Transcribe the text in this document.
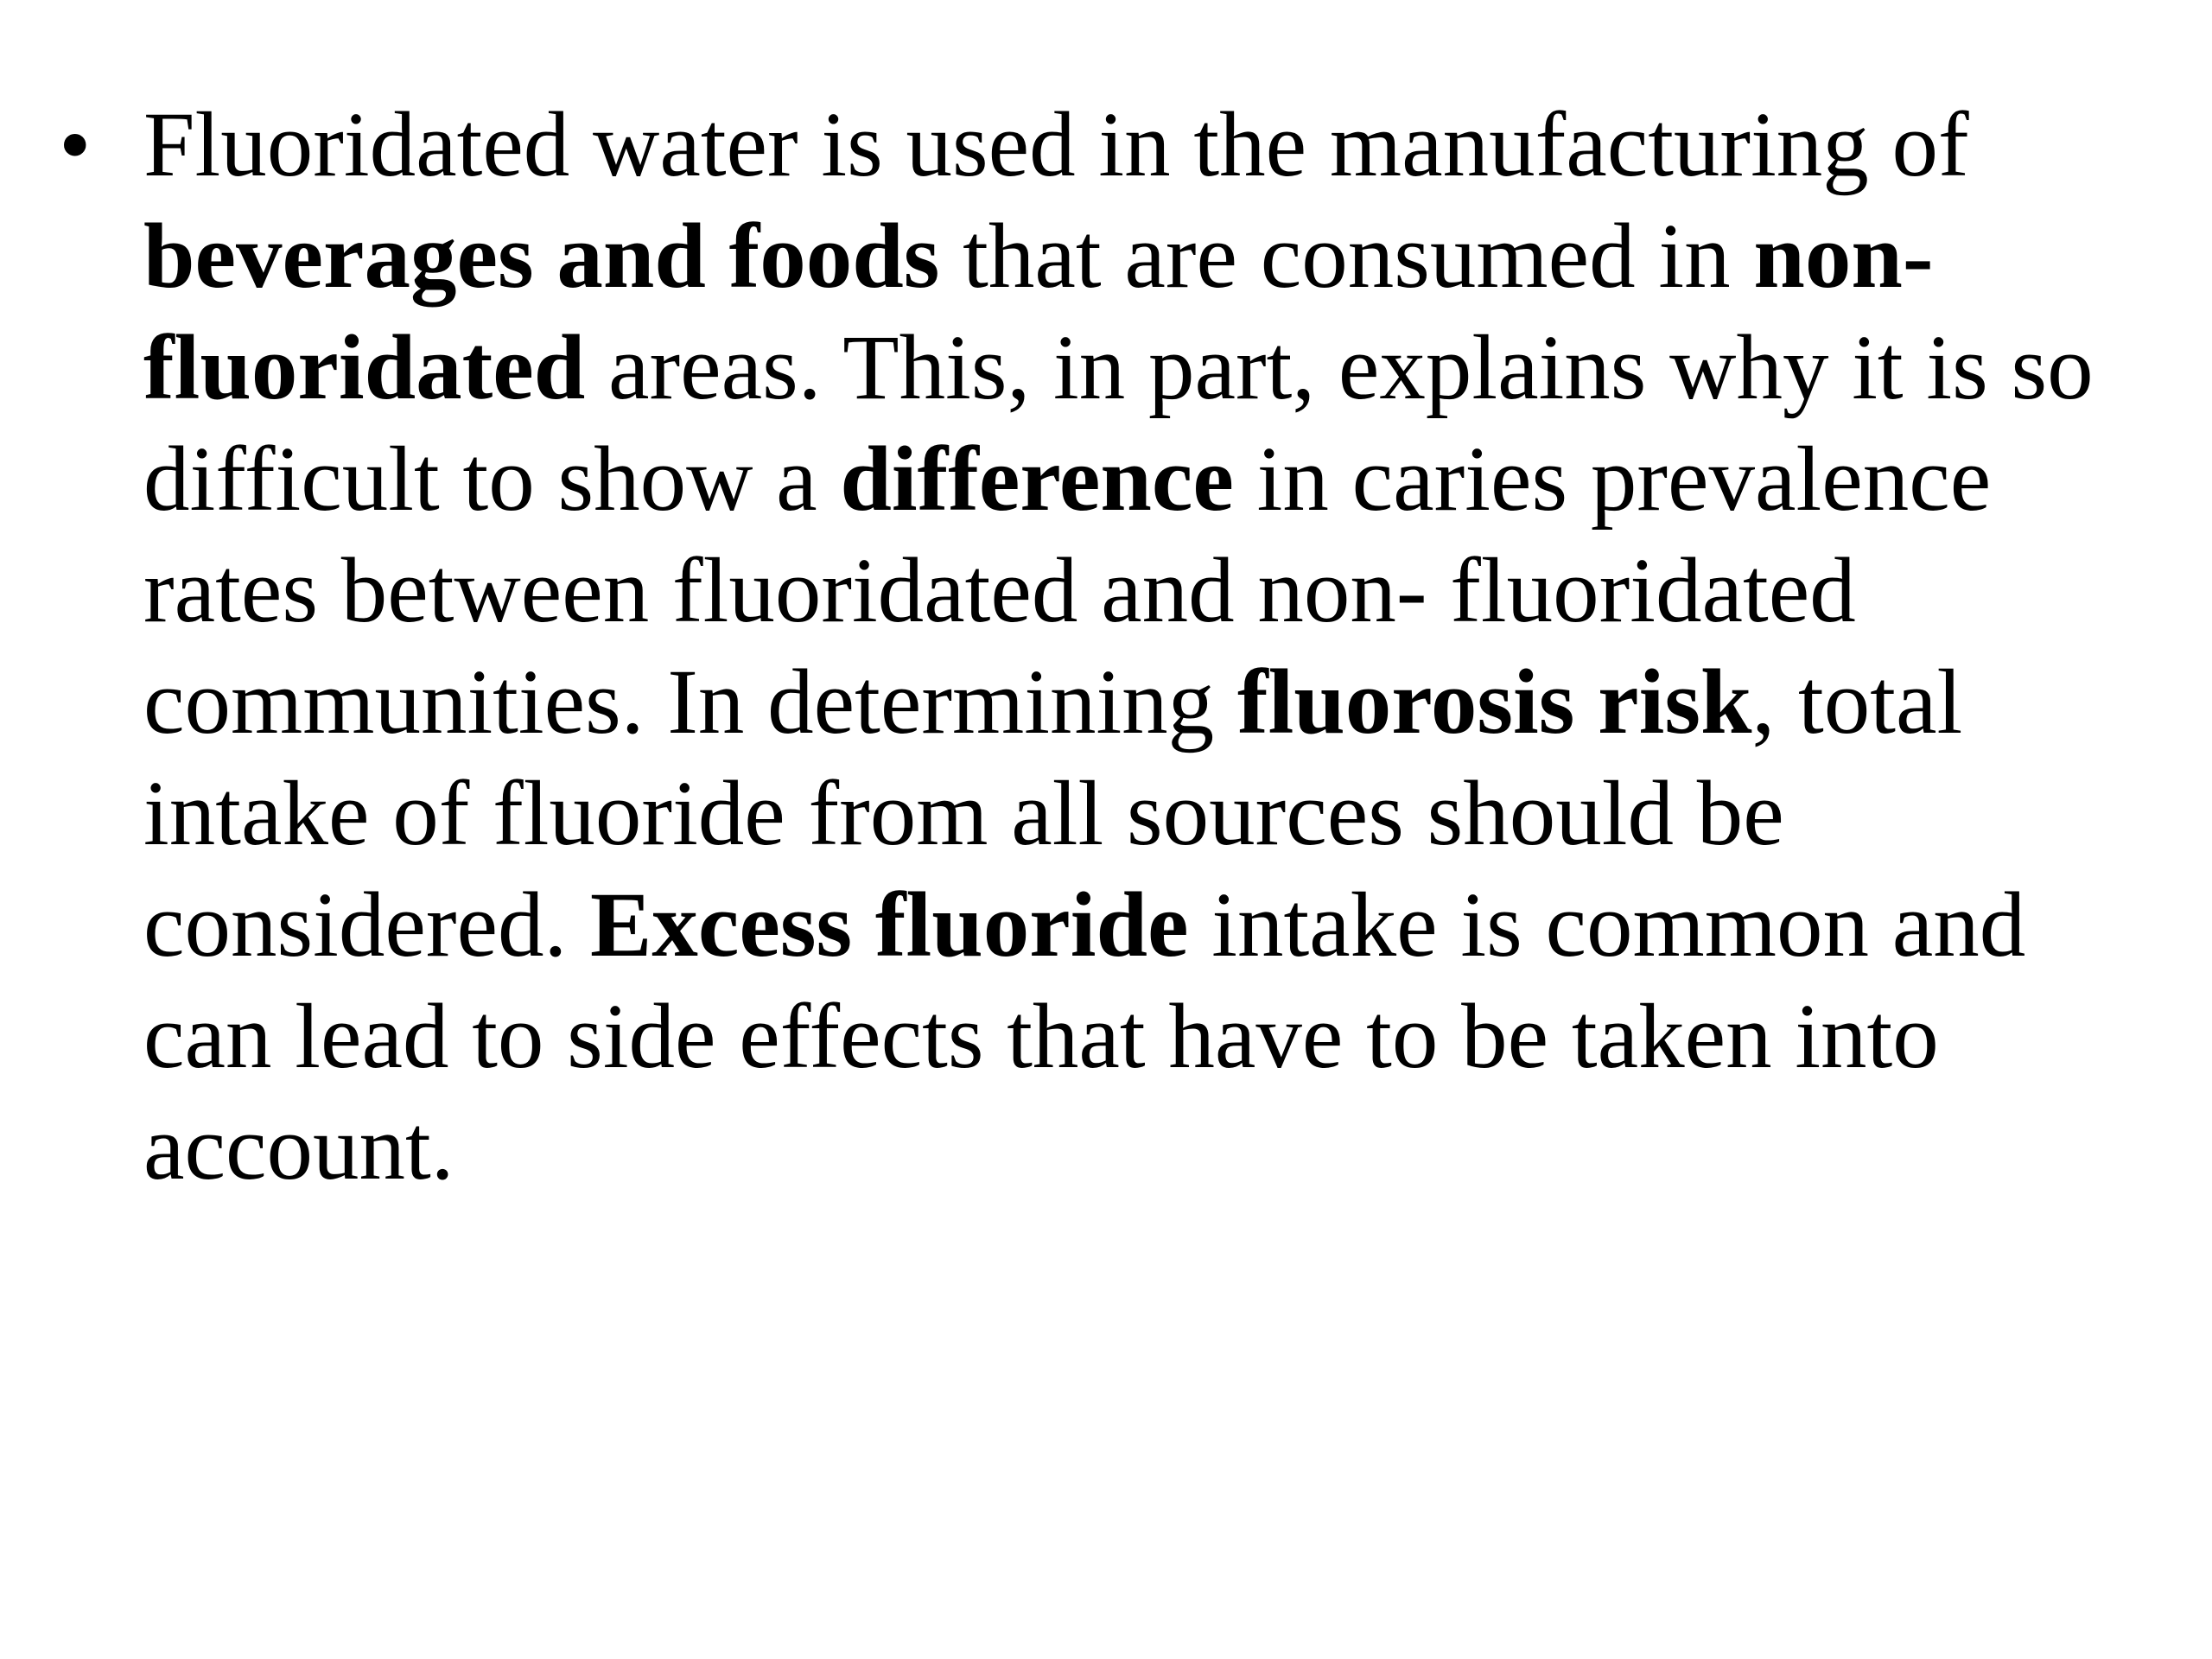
• Fluoridated water is used in the manufacturing of
beverages and foods that are consumed in non-
fluoridated areas. This, in part, explains why it is so
difficult to show a difference in caries prevalence
rates between fluoridated and non- fluoridated
communities. In determining fluorosis risk, total
intake of fluoride from all sources should be
considered. Excess fluoride intake is common and
can lead to side effects that have to be taken into
account.
